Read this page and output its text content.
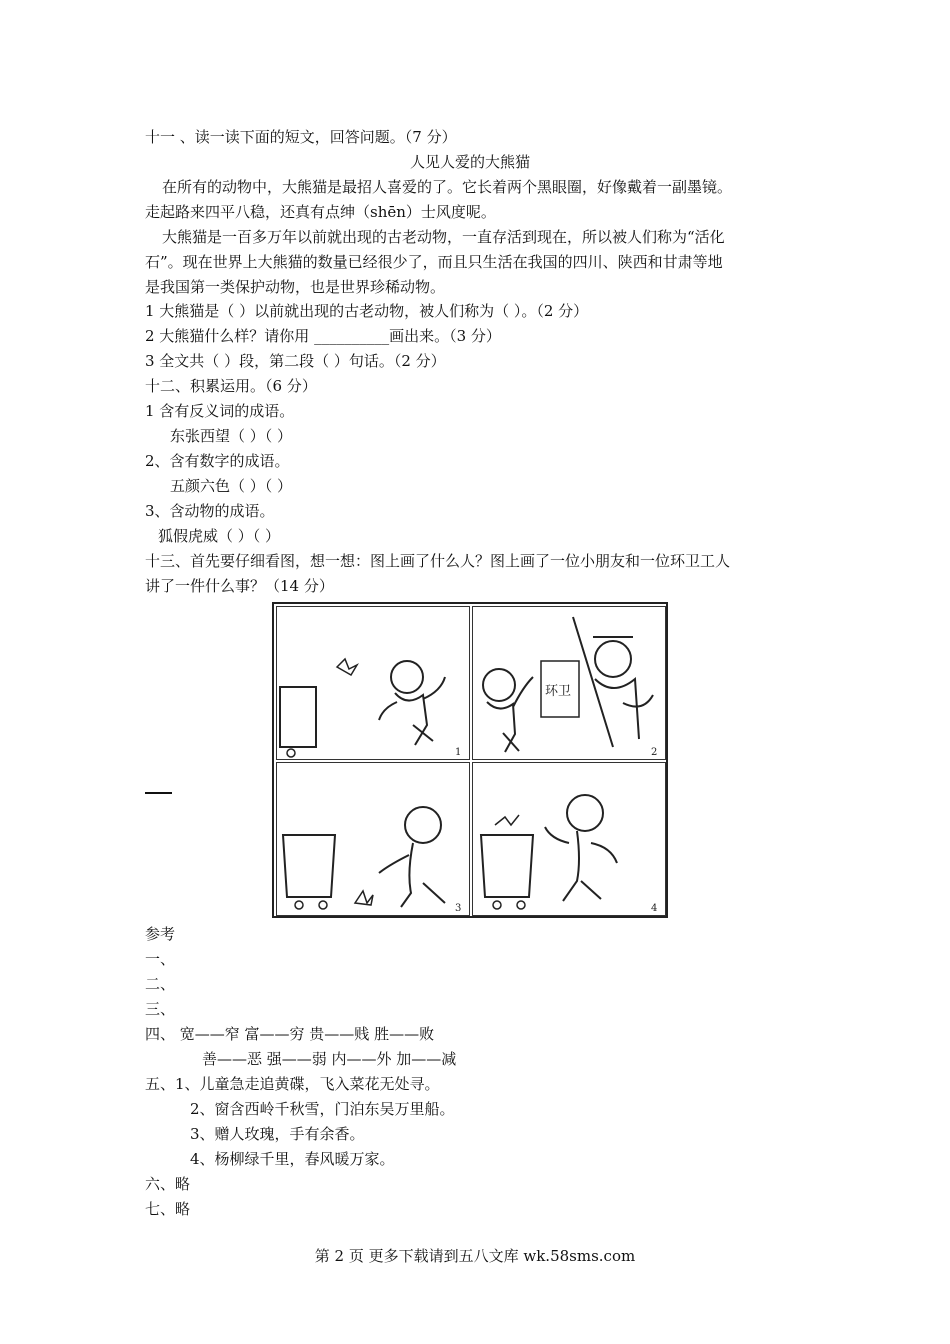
十一 、读一读下面的短文，回答问题。（7 分）
人见人爱的大熊猫
在所有的动物中，大熊猫是最招人喜爱的了。它长着两个黑眼圈，好像戴着一副墨镜。
走起路来四平八稳，还真有点绅（shēn）士风度呢。
大熊猫是一百多万年以前就出现的古老动物，一直存活到现在，所以被人们称为“活化
石”。现在世界上大熊猫的数量已经很少了，而且只生活在我国的四川、陕西和甘肃等地
是我国第一类保护动物，也是世界珍稀动物。
1 大熊猫是（ ）以前就出现的古老动物，被人们称为（ ）。（2 分）
2 大熊猫什么样？请你用 __________画出来。（3 分）
3 全文共（ ）段，第二段（ ）句话。（2 分）
十二、积累运用。（6 分）
1 含有反义词的成语。
东张西望（ ）（ ）
2、含有数字的成语。
五颜六色（ ）（ ）
3、含动物的成语。
狐假虎威（ ）（ ）
十三、首先要仔细看图，想一想：图上画了什么人？图上画了一位小朋友和一位环卫工人
讲了一件什么事？（14 分）
1
环卫
2
3	4
参考
一、
二、
三、
四、 宽——窄 富——穷 贵——贱 胜——败
善——恶 强——弱 内——外 加——减
五、1、儿童急走追黄碟，飞入菜花无处寻。
2、窗含西岭千秋雪，门泊东吴万里船。
3、赠人玫瑰，手有余香。
4、杨柳绿千里，春风暖万家。
六、略
七、略
第 2 页 更多下载请到五八文库 wk.58sms.com
